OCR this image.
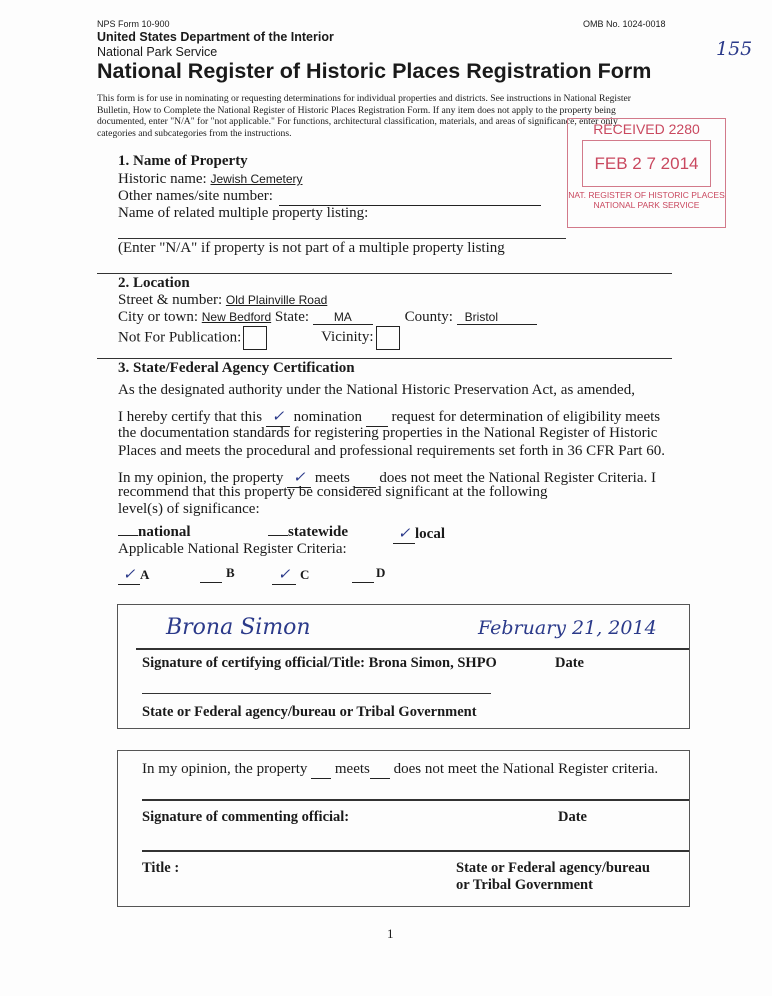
NPS Form 10-900	OMB No. 1024-0018
United States Department of the Interior
National Park Service
National Register of Historic Places Registration Form
155
This form is for use in nominating or requesting determinations for individual properties and districts. See instructions in National Register
Bulletin, How to Complete the National Register of Historic Places Registration Form. If any item does not apply to the property being
documented, enter "N/A" for "not applicable." For functions, architectural classification, materials, and areas of significance, enter only
categories and subcategories from the instructions.	RECEIVED 2280
FEB 2 7 2014
NAT. REGISTER OF HISTORIC PLACES
NATIONAL PARK SERVICE
1. Name of Property
Historic name: Jewish Cemetery
Other names/site number:
Name of related multiple property listing:
(Enter "N/A" if property is not part of a multiple property listing
2. Location
Street & number: Old Plainville Road
City or town: New Bedford State: MA	County: Bristol
Not For Publication:	Vicinity:
3. State/Federal Agency Certification
As the designated authority under the National Historic Preservation Act, as amended,
I hereby certify that this ✓ nomination request for determination of eligibility meets
the documentation standards for registering properties in the National Register of Historic
Places and meets the procedural and professional requirements set forth in 36 CFR Part 60.
In my opinion, the property ✓ meets does not meet the National Register Criteria. I
recommend that this property be considered significant at the following
level(s) of significance:
national	statewide	✓ local
Applicable National Register Criteria:
✓ A	B	✓ C	D
Brona Simon	February 21, 2014
Signature of certifying official/Title: Brona Simon, SHPO	Date
State or Federal agency/bureau or Tribal Government
In my opinion, the property meets does not meet the National Register criteria.
Signature of commenting official:	Date
Title :	State or Federal agency/bureau
or Tribal Government
1
